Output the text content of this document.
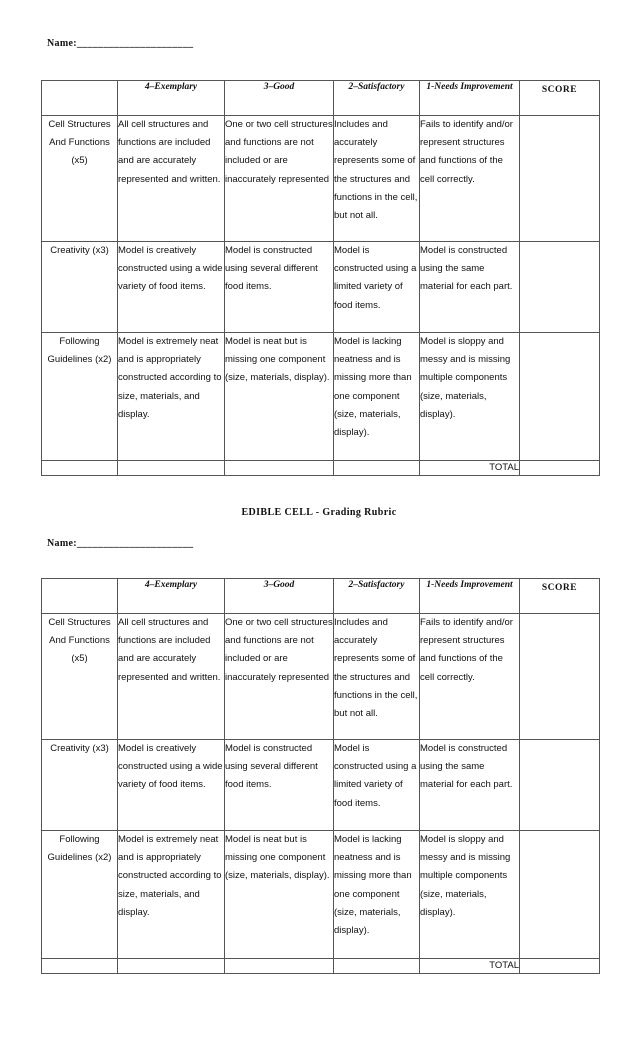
Name:______________________
	4–Exemplary	3–Good	2–Satisfactory	1-Needs Improvement	SCORE
Cell Structures And Functions (x5)	All cell structures and functions are included and are accurately represented and written.	One or two cell structures and functions are not included or are inaccurately represented	Includes and accurately represents some of the structures and functions in the cell, but not all.	Fails to identify and/or represent structures and functions of the cell correctly.	
Creativity (x3)	Model is creatively constructed using a wide variety of food items.	Model is constructed using several different food items.	Model is constructed using a limited variety of food items.	Model is constructed using the same material for each part.	
Following Guidelines (x2)	Model is extremely neat and is appropriately constructed according to size, materials, and display.	Model is neat but is missing one component (size, materials, display).	Model is lacking neatness and is missing more than one component (size, materials, display).	Model is sloppy and messy and is missing multiple components (size, materials, display).	
				TOTAL	
EDIBLE CELL - Grading Rubric
Name:______________________
	4–Exemplary	3–Good	2–Satisfactory	1-Needs Improvement	SCORE
Cell Structures And Functions (x5)	All cell structures and functions are included and are accurately represented and written.	One or two cell structures and functions are not included or are inaccurately represented	Includes and accurately represents some of the structures and functions in the cell, but not all.	Fails to identify and/or represent structures and functions of the cell correctly.	
Creativity (x3)	Model is creatively constructed using a wide variety of food items.	Model is constructed using several different food items.	Model is constructed using a limited variety of food items.	Model is constructed using the same material for each part.	
Following Guidelines (x2)	Model is extremely neat and is appropriately constructed according to size, materials, and display.	Model is neat but is missing one component (size, materials, display).	Model is lacking neatness and is missing more than one component (size, materials, display).	Model is sloppy and messy and is missing multiple components (size, materials, display).	
				TOTAL	
